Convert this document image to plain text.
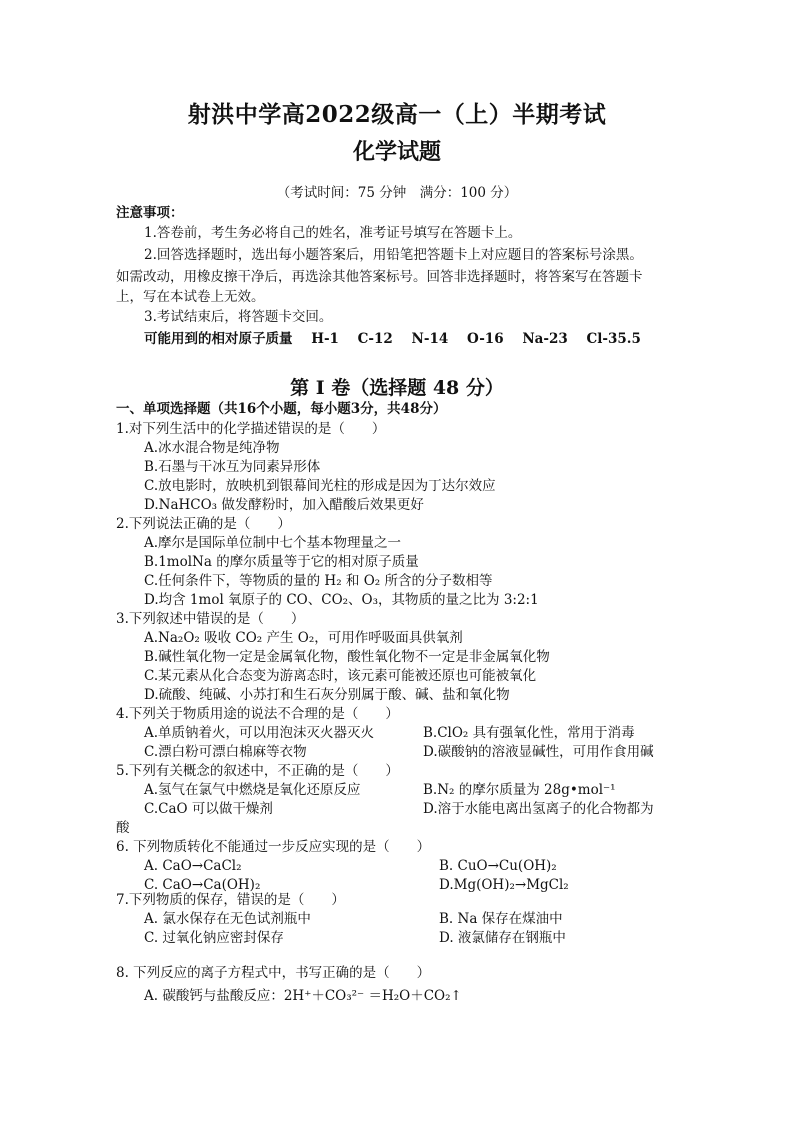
射洪中学高2022级高一（上）半期考试
化学试题
（考试时间：75 分钟　满分：100 分）
注意事项：
1.答卷前，考生务必将自己的姓名，准考证号填写在答题卡上。
2.回答选择题时，选出每小题答案后，用铅笔把答题卡上对应题目的答案标号涂黑。
如需改动，用橡皮擦干净后，再选涂其他答案标号。回答非选择题时，将答案写在答题卡
上，写在本试卷上无效。
3.考试结束后，将答题卡交回。
可能用到的相对原子质量 H-1 C-12 N-14 O-16 Na-23 Cl-35.5
第 I 卷（选择题 48 分）
一、单项选择题（共16个小题，每小题3分，共48分）
1.对下列生活中的化学描述错误的是（　　）
A.冰水混合物是纯净物
B.石墨与干冰互为同素异形体
C.放电影时，放映机到银幕间光柱的形成是因为丁达尔效应
D.NaHCO₃ 做发酵粉时，加入醋酸后效果更好
2.下列说法正确的是（　　）
A.摩尔是国际单位制中七个基本物理量之一
B.1molNa 的摩尔质量等于它的相对原子质量
C.任何条件下，等物质的量的 H₂ 和 O₂ 所含的分子数相等
D.均含 1mol 氧原子的 CO、CO₂、O₃，其物质的量之比为 3:2:1
3.下列叙述中错误的是（　　）
A.Na₂O₂ 吸收 CO₂ 产生 O₂，可用作呼吸面具供氧剂
B.碱性氧化物一定是金属氧化物，酸性氧化物不一定是非金属氧化物
C.某元素从化合态变为游离态时，该元素可能被还原也可能被氧化
D.硫酸、纯碱、小苏打和生石灰分别属于酸、碱、盐和氧化物
4.下列关于物质用途的说法不合理的是（　　）
A.单质钠着火，可以用泡沫灭火器灭火	B.ClO₂ 具有强氧化性，常用于消毒
C.漂白粉可漂白棉麻等衣物	D.碳酸钠的溶液显碱性，可用作食用碱
5.下列有关概念的叙述中，不正确的是（　　）
A.氢气在氯气中燃烧是氧化还原反应	B.N₂ 的摩尔质量为 28g•mol⁻¹
C.CaO 可以做干燥剂	D.溶于水能电离出氢离子的化合物都为
酸
6. 下列物质转化不能通过一步反应实现的是（　　）
A. CaO→CaCl₂	B. CuO→Cu(OH)₂
C. CaO→Ca(OH)₂	D.Mg(OH)₂→MgCl₂
7.下列物质的保存，错误的是（　　）
A. 氯水保存在无色试剂瓶中	B. Na 保存在煤油中
C. 过氧化钠应密封保存	D. 液氯储存在钢瓶中
8. 下列反应的离子方程式中，书写正确的是（　　）
A. 碳酸钙与盐酸反应：2H⁺＋CO₃²⁻ ＝H₂O＋CO₂↑
